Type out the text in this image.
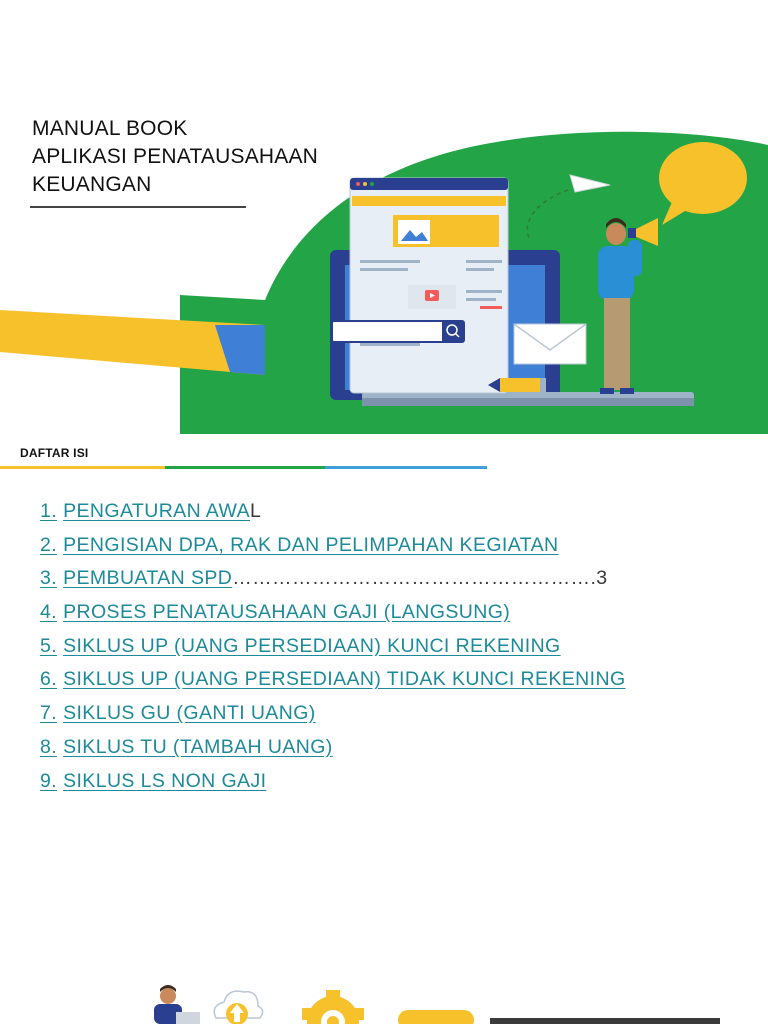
MANUAL BOOK
APLIKASI PENATAUSAHAAN
KEUANGAN
DAFTAR ISI
1. PENGATURAN AWAL
2. PENGISIAN DPA, RAK DAN PELIMPAHAN KEGIATAN
3. PEMBUATAN SPD……………………………………………….3
4. PROSES PENATAUSAHAAN GAJI (LANGSUNG)
5. SIKLUS UP (UANG PERSEDIAAN) KUNCI REKENING
6. SIKLUS UP (UANG PERSEDIAAN) TIDAK KUNCI REKENING
7. SIKLUS GU (GANTI UANG)
8. SIKLUS TU (TAMBAH UANG)
9. SIKLUS LS NON GAJI
